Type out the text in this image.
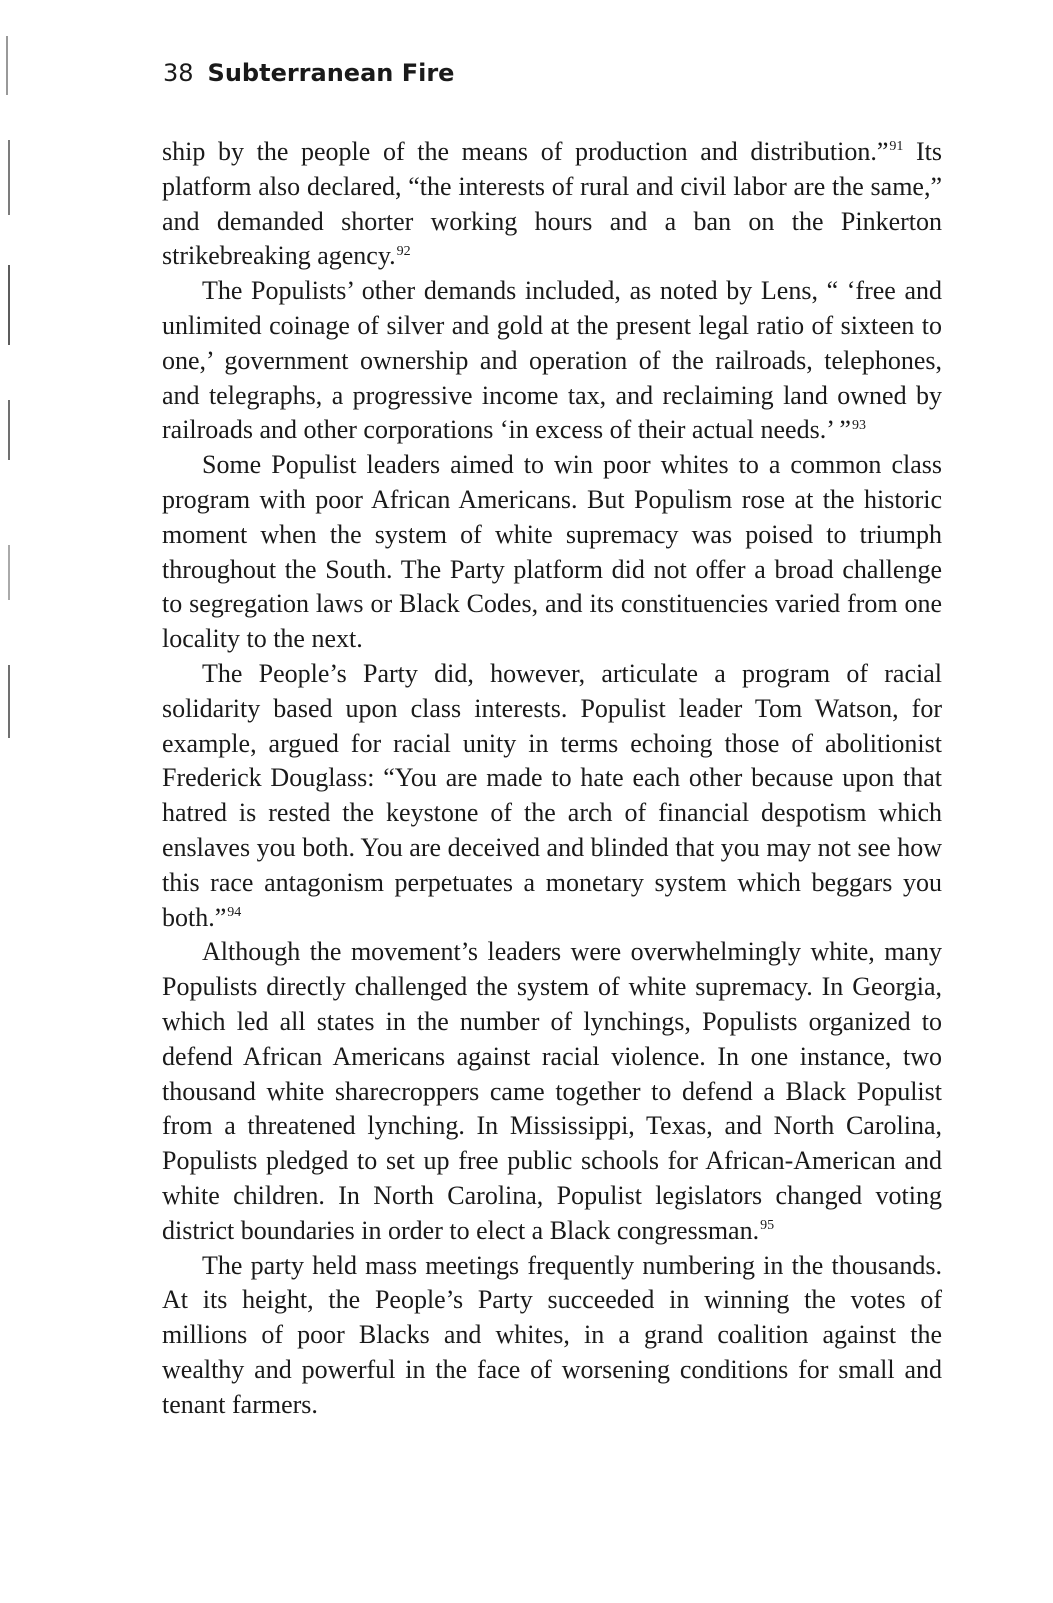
38 Subterranean Fire

ship by the people of the means of production and distribution.”$^{91}$ Its platform also declared, “the interests of rural and civil labor are the same,” and demanded shorter working hours and a ban on the Pinkerton strikebreaking agency.$^{92}$

The Populists’ other demands included, as noted by Lens, “ ‘free and unlimited coinage of silver and gold at the present legal ratio of sixteen to one,’ government ownership and operation of the railroads, telephones, and telegraphs, a progressive income tax, and reclaiming land owned by railroads and other corporations ‘in excess of their actual needs.’ ”$^{93}$

Some Populist leaders aimed to win poor whites to a common class program with poor African Americans. But Populism rose at the historic moment when the system of white supremacy was poised to triumph throughout the South. The Party platform did not offer a broad challenge to segregation laws or Black Codes, and its constituencies varied from one locality to the next.

The People’s Party did, however, articulate a program of racial solidarity based upon class interests. Populist leader Tom Watson, for example, argued for racial unity in terms echoing those of abolitionist Frederick Douglass: “You are made to hate each other because upon that hatred is rested the keystone of the arch of financial despotism which enslaves you both. You are deceived and blinded that you may not see how this race antagonism perpetuates a monetary system which beggars you both.”$^{94}$

Although the movement’s leaders were overwhelmingly white, many Populists directly challenged the system of white supremacy. In Georgia, which led all states in the number of lynchings, Populists organized to defend African Americans against racial violence. In one instance, two thousand white sharecroppers came together to defend a Black Populist from a threatened lynching. In Mississippi, Texas, and North Carolina, Populists pledged to set up free public schools for African-American and white children. In North Carolina, Populist legislators changed voting district boundaries in order to elect a Black congressman.$^{95}$

The party held mass meetings frequently numbering in the thousands. At its height, the People’s Party succeeded in winning the votes of millions of poor Blacks and whites, in a grand coalition against the wealthy and powerful in the face of worsening conditions for small and tenant farmers.
